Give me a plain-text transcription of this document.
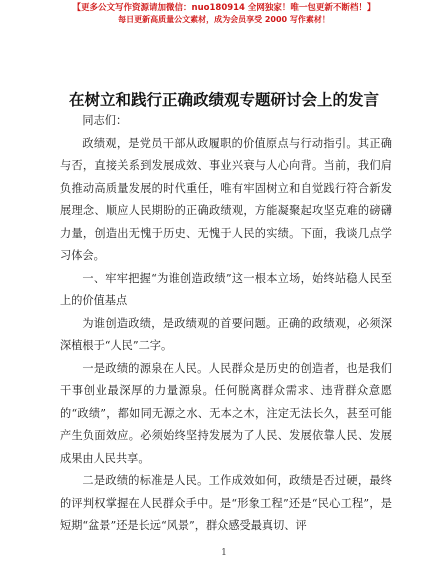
【更多公文写作资源请加微信：nuo180914 全网独家！唯一包更新不断档！】
每日更新高质量公文素材，成为会员享受 2000 写作素材！
在树立和践行正确政绩观专题研讨会上的发言

同志们：

政绩观，是党员干部从政履职的价值原点与行动指引。其正确与否，直接关系到发展成效、事业兴衰与人心向背。当前，我们肩负推动高质量发展的时代重任，唯有牢固树立和自觉践行符合新发展理念、顺应人民期盼的正确政绩观，方能凝聚起攻坚克难的磅礴力量，创造出无愧于历史、无愧于人民的实绩。下面，我谈几点学习体会。

一、牢牢把握“为谁创造政绩”这一根本立场，始终站稳人民至上的价值基点

为谁创造政绩，是政绩观的首要问题。正确的政绩观，必须深深植根于“人民”二字。

一是政绩的源泉在人民。人民群众是历史的创造者，也是我们干事创业最深厚的力量源泉。任何脱离群众需求、违背群众意愿的“政绩”，都如同无源之水、无本之木，注定无法长久，甚至可能产生负面效应。必须始终坚持发展为了人民、发展依靠人民、发展成果由人民共享。

二是政绩的标准是人民。工作成效如何，政绩是否过硬，最终的评判权掌握在人民群众手中。是“形象工程”还是“民心工程”，是短期“盆景”还是长远“风景”，群众感受最真切、评

1
